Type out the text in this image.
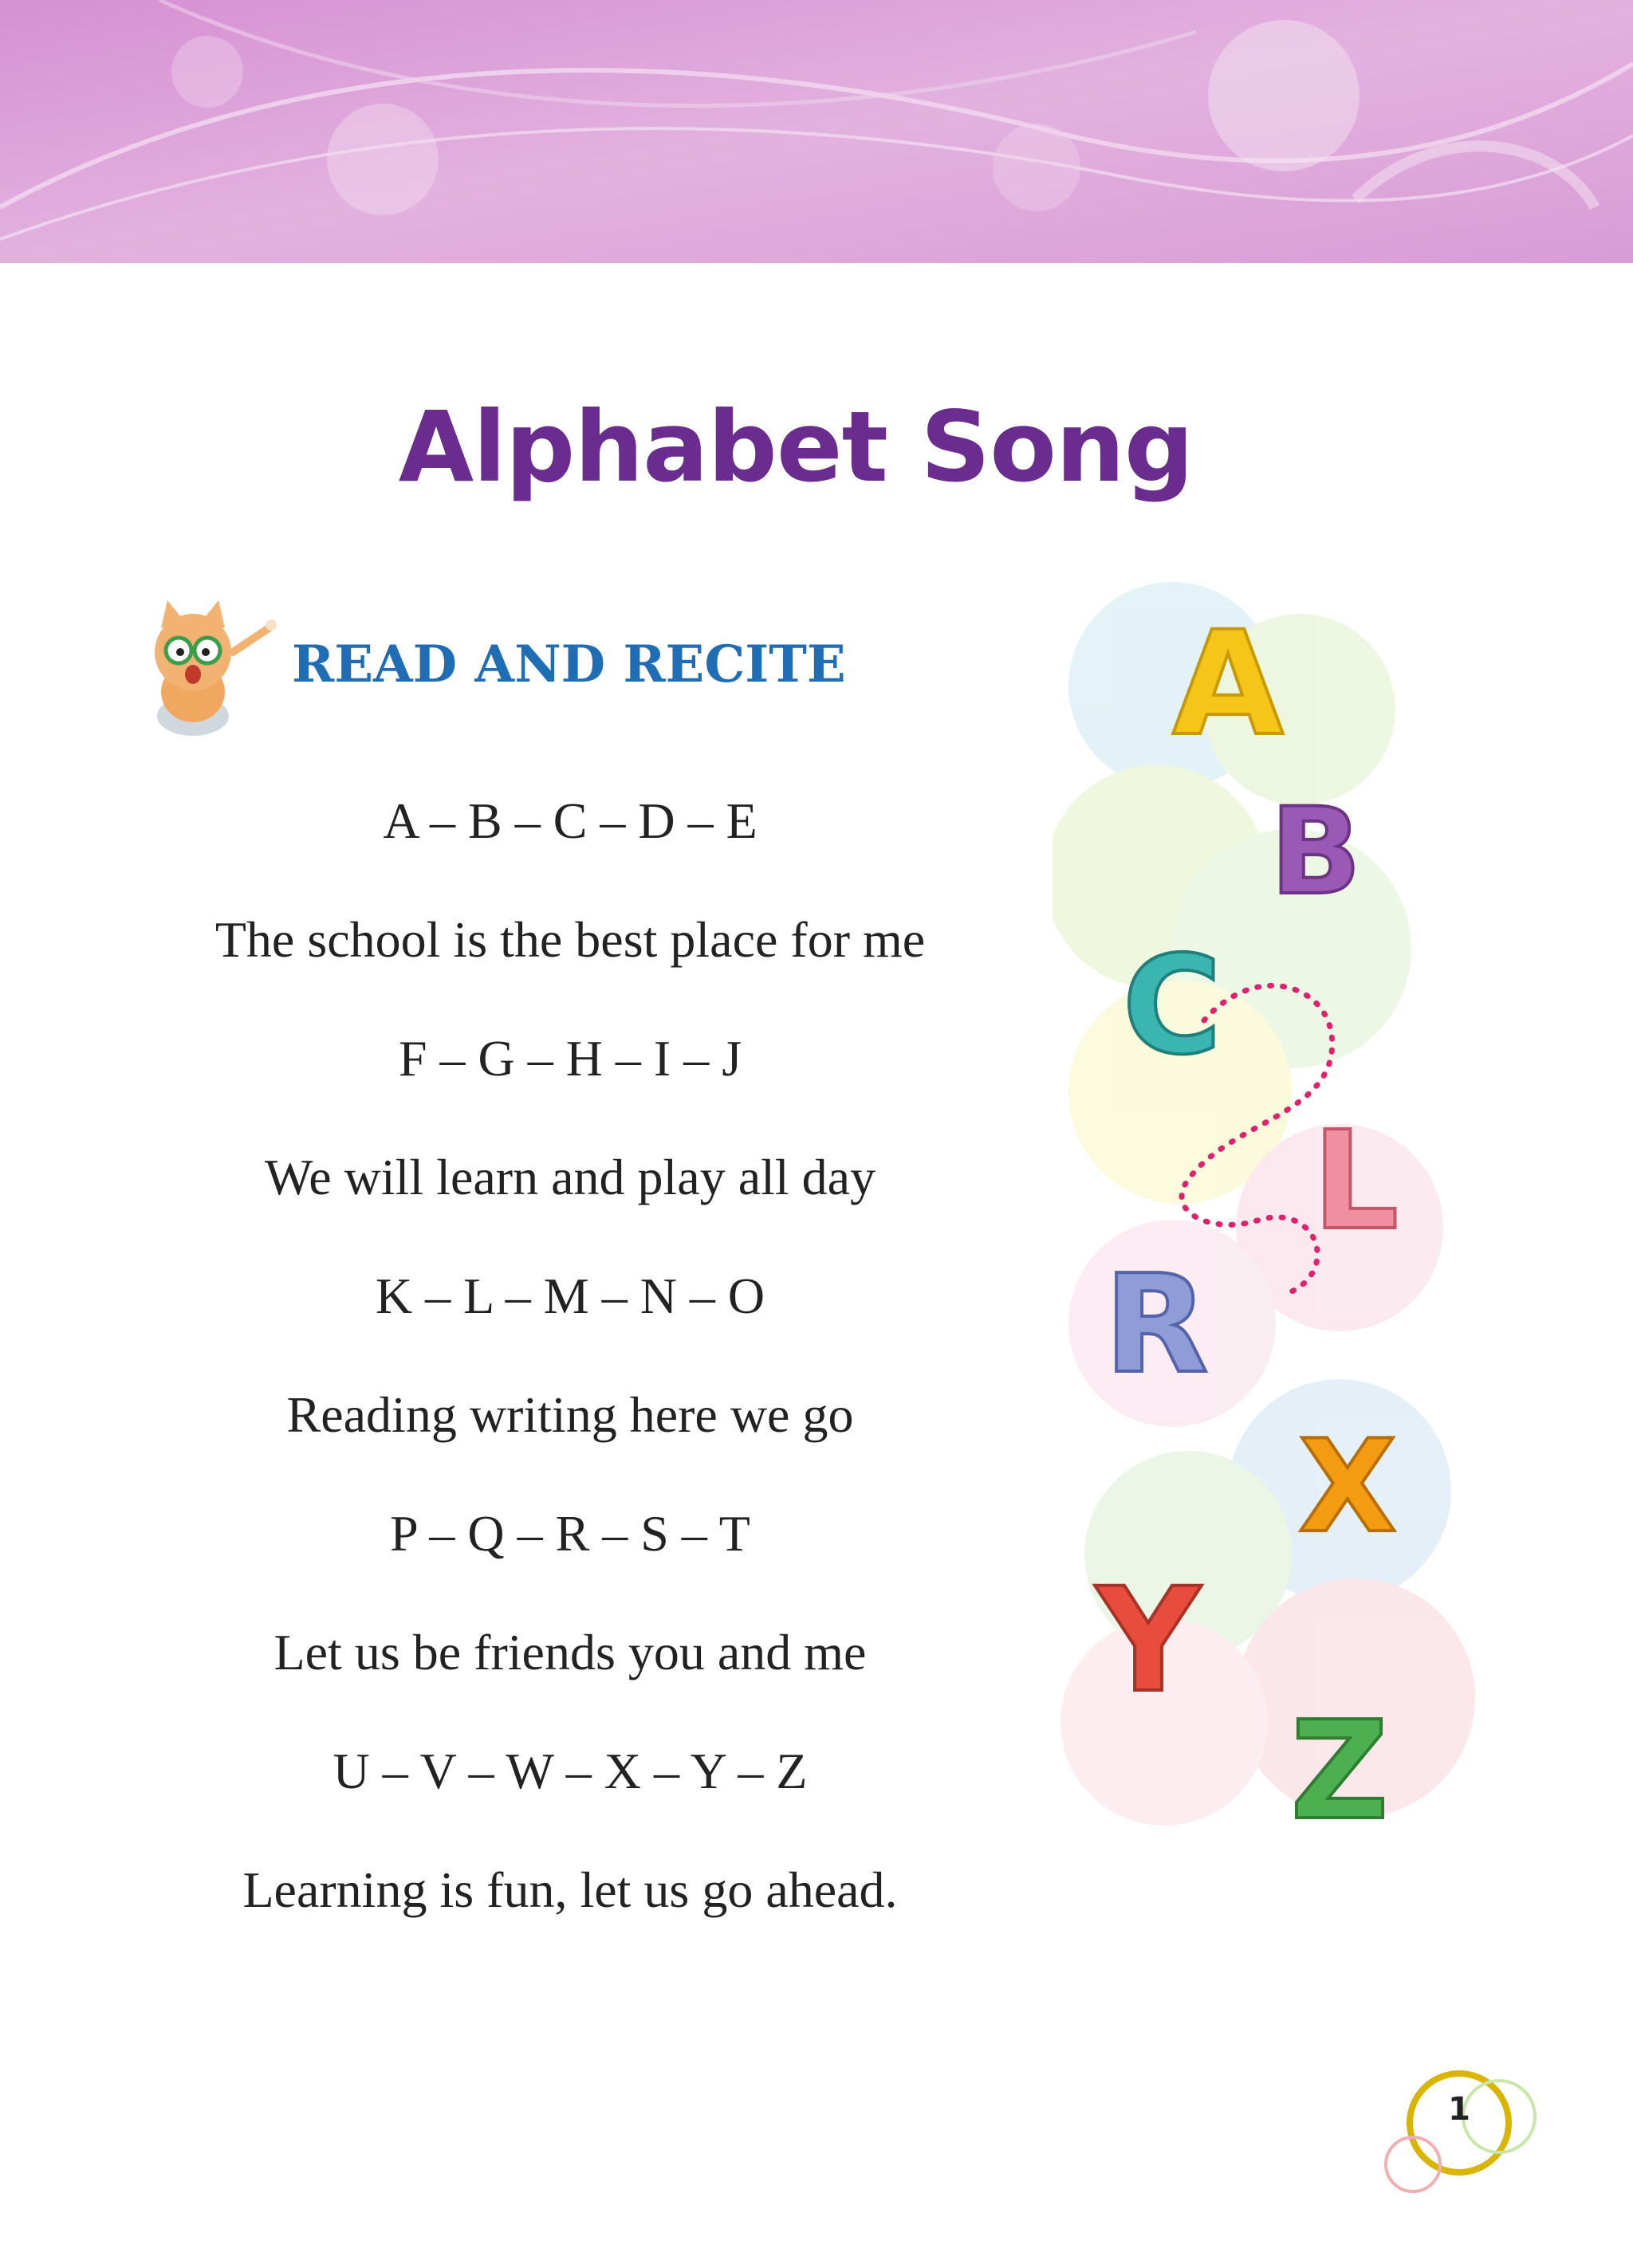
Alphabet Song
READ AND RECITE
A – B – C – D – E
The school is the best place for me
F – G – H – I – J
We will learn and play all day
K – L – M – N – O
Reading writing here we go
P – Q – R – S – T
Let us be friends you and me
U – V – W – X – Y – Z
Learning is fun, let us go ahead.
A
B
C
L
R
X
Y
Z
1
